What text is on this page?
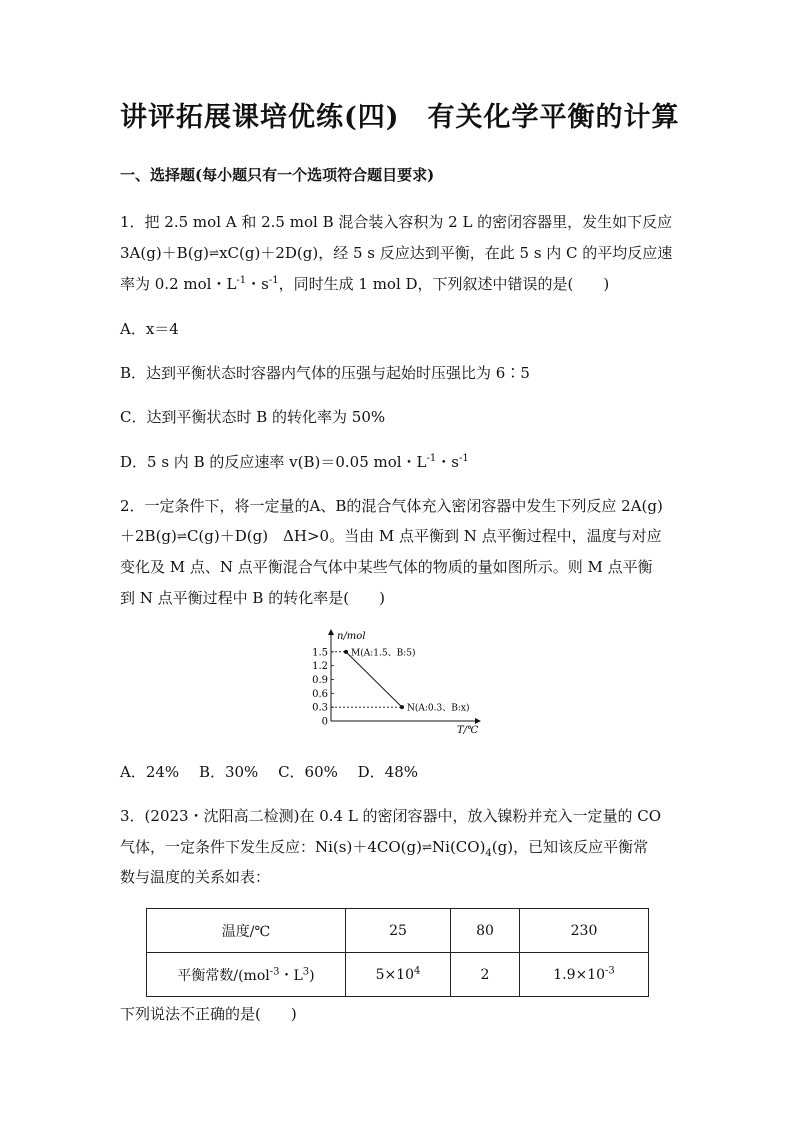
讲评拓展课培优练(四)　有关化学平衡的计算
一、选择题(每小题只有一个选项符合题目要求)
1．把 2.5 mol A 和 2.5 mol B 混合装入容积为 2 L 的密闭容器里，发生如下反应
3A(g)＋B(g)⇌xC(g)＋2D(g)，经 5 s 反应达到平衡，在此 5 s 内 C 的平均反应速
率为 0.2 mol・$L^{-1}$・$s^{-1}$，同时生成 1 mol D，下列叙述中错误的是(　　)
A．x＝4
B．达到平衡状态时容器内气体的压强与起始时压强比为 6∶5
C．达到平衡状态时 B 的转化率为 50%
D．5 s 内 B 的反应速率 v(B)＝0.05 mol・$L^{-1}$・$s^{-1}$
2．一定条件下，将一定量的A、B的混合气体充入密闭容器中发生下列反应 2A(g)
＋2B(g)⇌C(g)＋D(g)　ΔH>0。当由 M 点平衡到 N 点平衡过程中，温度与对应
变化及 M 点、N 点平衡混合气体中某些气体的物质的量如图所示。则 M 点平衡
到 N 点平衡过程中 B 的转化率是(　　)
n/mol
T/℃
1.5
1.2
0.9
0.6
0.3
0
M(A:1.5、B:5)
N(A:0.3、B:x)
A．24%　 B．30%　 C．60%　 D．48%
3．(2023・沈阳高二检测)在 0.4 L 的密闭容器中，放入镍粉并充入一定量的 CO
气体，一定条件下发生反应：$Ni(s)+4CO(g)\rightleftharpoons Ni(CO)_4(g)$，已知该反应平衡常
数与温度的关系如表：
温度/℃	25	80	230
平衡常数/(mol$^{-3}$・$L^3$)	$5\times 10^4$	2	$1.9\times 10^{-3}$
下列说法不正确的是(　　)
